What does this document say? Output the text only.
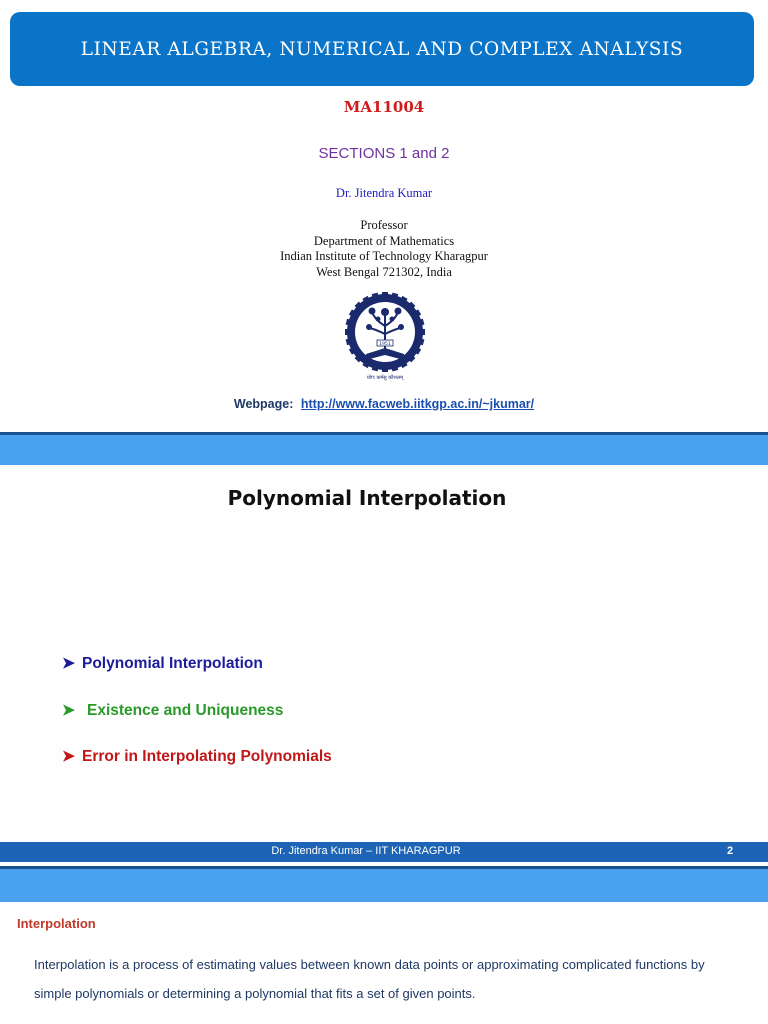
LINEAR ALGEBRA, NUMERICAL AND COMPLEX ANALYSIS
MA11004
SECTIONS 1 and 2
Dr. Jitendra Kumar
Professor
Department of Mathematics
Indian Institute of Technology Kharagpur
West Bengal 721302, India
1951
योगः कर्मसु कौशलम्
Webpage: http://www.facweb.iitkgp.ac.in/~jkumar/
Polynomial Interpolation
➤ Polynomial Interpolation
➤ Existence and Uniqueness
➤ Error in Interpolating Polynomials
Dr. Jitendra Kumar – IIT KHARAGPUR	2
Interpolation
Interpolation is a process of estimating values between known data points or approximating complicated functions by simple polynomials or determining a polynomial that fits a set of given points.
